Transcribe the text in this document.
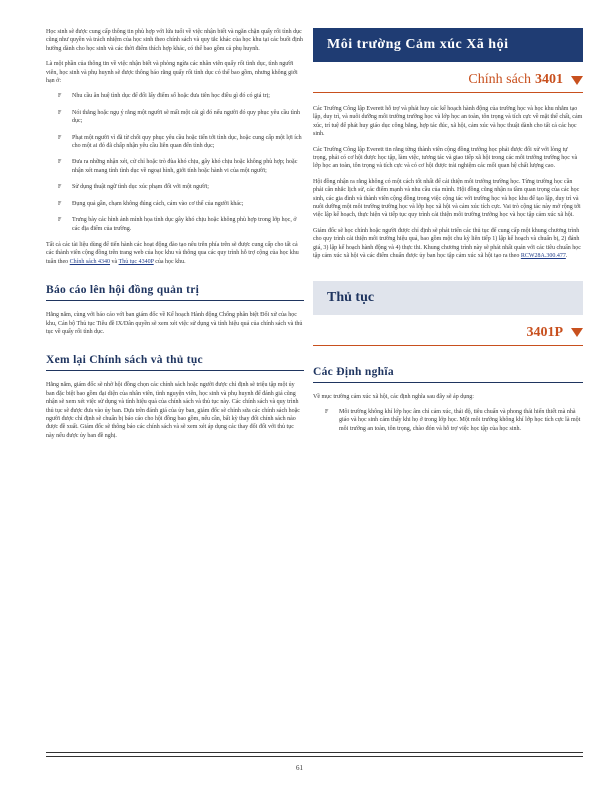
Học sinh sẽ được cung cấp thông tin phù hợp với lứa tuổi về việc nhận biết và ngăn chặn quấy rối tình dục cũng như quyền và trách nhiệm của học sinh theo chính sách và quy tắc khác của học khu tại các buổi định hướng dành cho học sinh và các thời điểm thích hợp khác, có thể bao gồm cả phụ huynh.

Là một phần của thông tin về việc nhận biết và phòng ngừa các nhân viên quấy rối tình dục, tình người viên, học sinh và phụ huynh sẽ được thông báo rằng quấy rối tình dục có thể bao gồm, nhưng không giới hạn ở:

F Nhu cầu ân huệ tình dục để đổi lấy điểm số hoặc đưa tiên học điều gì đó có giá trị;
F Nói thẳng hoặc ngụ ý rằng một người sẽ mất một cái gì đó nếu người đó quy phục yêu cầu tình dục;
F Phạt một người vì đã từ chối quy phục yêu cầu hoặc tiến tới tình dục, hoặc cung cấp một lợi ích cho một ai đó đã chấp nhận yêu cầu liên quan đến tình dục;
F Đưa ra những nhận xét, cử chỉ hoặc trò đùa khó chịu, gây khó chịu hoặc không phù hợp; hoặc nhận xét mang tính tình dục về ngoại hình, giới tính hoặc hành vi của một người;
F Sử dụng thuật ngữ tình dục xúc phạm đối với một người;
F Đụng quả gần, chạm không đúng cách, cám vào cơ thể của người khác;
F Trưng bày các hình ảnh mình họa tình dục gây khó chịu hoặc không phù hợp trong lớp học, ở các địa điểm của trường.

Tất cả các tài liệu dùng để tiến hành các hoạt động đào tạo nêu trên phía trên sẽ được cung cấp cho tất cả các thành viên cộng đồng trên trang web của học khu và thông qua các quy trình hỗ trợ cộng của học khu tuân theo Chính sách 4340 và Thủ tục 4340P của học khu.

Báo cáo lên hội đồng quản trị

Hằng năm, cùng với báo cáo với ban giám đốc về Kế hoạch Hành động Chống phân biệt Đối xử của học khu, Cán bộ Thủ tục Tiêu đề IX/Dân quyền sẽ xem xét việc sử dụng và tính hiệu quả của chính sách và thủ tục về quấy rối tình dục.

Xem lại Chính sách và thủ tục

Hằng năm, giám đốc sẽ nhờ hội đồng chọn các chính sách hoặc người được chỉ định sẽ triệu tập một ủy ban đặc biệt bao gồm đại diện của nhân viên, tình nguyện viên, học sinh và phụ huynh để đánh giá cũng nhận sẽ xem xét việc sử dụng và tính hiệu quả của chính sách và thủ tục này. Các chính sách và quy trình thủ tục sẽ được đưa vào ủy ban. Dựa trên đánh giá của ủy ban, giám đốc sẽ chỉnh sửa các chính sách hoặc người được chỉ định sẽ chuẩn bị báo cáo cho hội đồng bao gồm, nếu cần, bất kỳ thay đổi chính sách nào được đề xuất. Giám đốc sẽ thông báo các chính sách và sẽ xem xét áp dụng các thay đổi đối với thủ tục này nếu được ủy ban đề nghị.

Môi trường Cảm xúc Xã hội
Chính sách 3401

Các Trường Công lập Everett hỗ trợ và phát huy các kế hoạch hành động của trường học và học khu nhằm tạo lập, duy trì, và nuôi dưỡng môi trường trường học và lớp học an toàn, tôn trọng và tích cực về mặt thể chất, cảm xúc, trí tuệ để phát huy giáo dục công bằng, hợp tác đúc, xã hội, cảm xúc và học thuật dành cho tất cả các học sinh.

Các Trường Công lập Everett tin rằng từng thành viên cộng đồng trường học phải được đối xử với lòng tự trọng, phải có cơ hội được học tập, làm việc, tương tác và giao tiếp xã hội trong các môi trường trường học và lớp học an toàn, tôn trọng và tích cực và có cơ hội được trải nghiệm các mối quan hệ chất lượng cao.

Hội đồng nhận ra rằng không có một cách tốt nhất để cải thiện môi trường trường học. Từng trường học cần phải cân nhắc lịch sử, các điểm mạnh và nhu cầu của mình. Hội đồng cũng nhận ra tầm quan trọng của các học sinh, các gia đình và thành viên cộng đồng trong việc cộng tác với trường học và học khu để tạo lập, duy trì và nuôi dưỡng một môi trường trường học và lớp học xã hội và cảm xúc tích cực. Vai trò cộng tác này mở rộng tới việc lập kế hoạch, thực hiện và tiếp tục quy trình cải thiện môi trường trường học và học tập cảm xúc xã hội.

Giám đốc sẽ học chính hoặc người được chỉ định sẽ phát triển các thủ tục để cung cấp một khung chương trình cho quy trình cải thiện môi trường hiệu quả, bao gồm một chu kỳ liên tiếp 1) lập kế hoạch và chuẩn bị, 2) đánh giá, 3) lập kế hoạch hành động và 4) thực thi. Khung chương trình này sẽ phát nhất quán với các tiêu chuẩn học tập cảm xúc xã hội và các điểm chuẩn được ủy ban học tập cảm xúc xã hội tạo ra theo RCW28A.300.477.

Thủ tục
3401P
Các Định nghĩa

Về mục trường cảm xúc xã hội, các định nghĩa sau đây sẽ áp dụng:

F Môi trường không khí lớp học âm chỉ cảm xúc, thái độ, tiêu chuẩn và phong thái hiển thiết mà nhà giáo và học sinh cảm thấy khi họ ở trong lớp học. Một môi trường không khí lớp học tích cực là một môi trường an toàn, tôn trọng, chào đón và hỗ trợ việc học tập của học sinh.
61
